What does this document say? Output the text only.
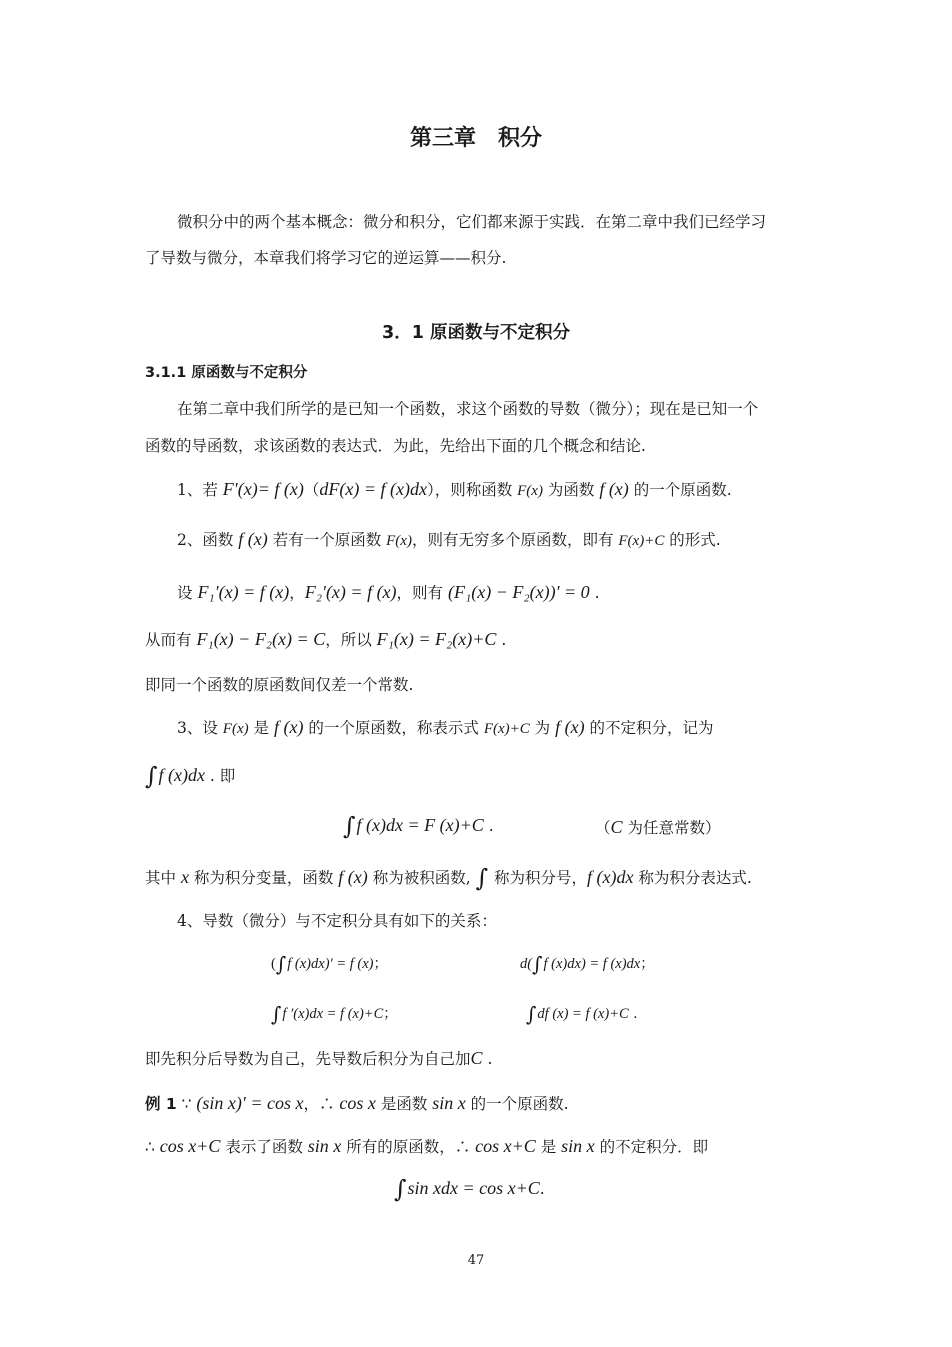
第三章　积分
微积分中的两个基本概念：微分和积分，它们都来源于实践．在第二章中我们已经学习
了导数与微分，本章我们将学习它的逆运算——积分.
3．1 原函数与不定积分
3.1.1 原函数与不定积分
在第二章中我们所学的是已知一个函数，求这个函数的导数（微分）；现在是已知一个
函数的导函数，求该函数的表达式．为此，先给出下面的几个概念和结论.
1、若 F′(x)= f (x)（dF(x) = f (x)dx），则称函数 F(x) 为函数 f (x) 的一个原函数.
2、函数 f (x) 若有一个原函数 F(x)，则有无穷多个原函数，即有 F(x)+C 的形式.
设 F₁′(x) = f (x)，F₂′(x) = f (x)，则有 (F₁(x) − F₂(x))′ = 0 .
从而有 F₁(x) − F₂(x) = C，所以 F₁(x) = F₂(x)+C .
即同一个函数的原函数间仅差一个常数.
3、设 F(x) 是 f (x) 的一个原函数，称表示式 F(x)+C 为 f (x) 的不定积分，记为
∫f (x)dx . 即
∫f (x)dx = F (x)+C .	（C 为任意常数）
其中 x 称为积分变量，函数 f (x) 称为被积函数, ∫ 称为积分号，f (x)dx 称为积分表达式.
4、导数（微分）与不定积分具有如下的关系：
(∫f (x)dx)′ = f (x)；	d(∫f (x)dx) = f (x)dx；
∫f ′(x)dx = f (x)+C；	∫df (x) = f (x)+C .
即先积分后导数为自己，先导数后积分为自己加C .
例 1 ∵ (sin x)′ = cos x，∴ cos x 是函数 sin x 的一个原函数.
∴ cos x+C 表示了函数 sin x 所有的原函数，∴ cos x+C 是 sin x 的不定积分．即
∫sin xdx = cos x+C.
47
